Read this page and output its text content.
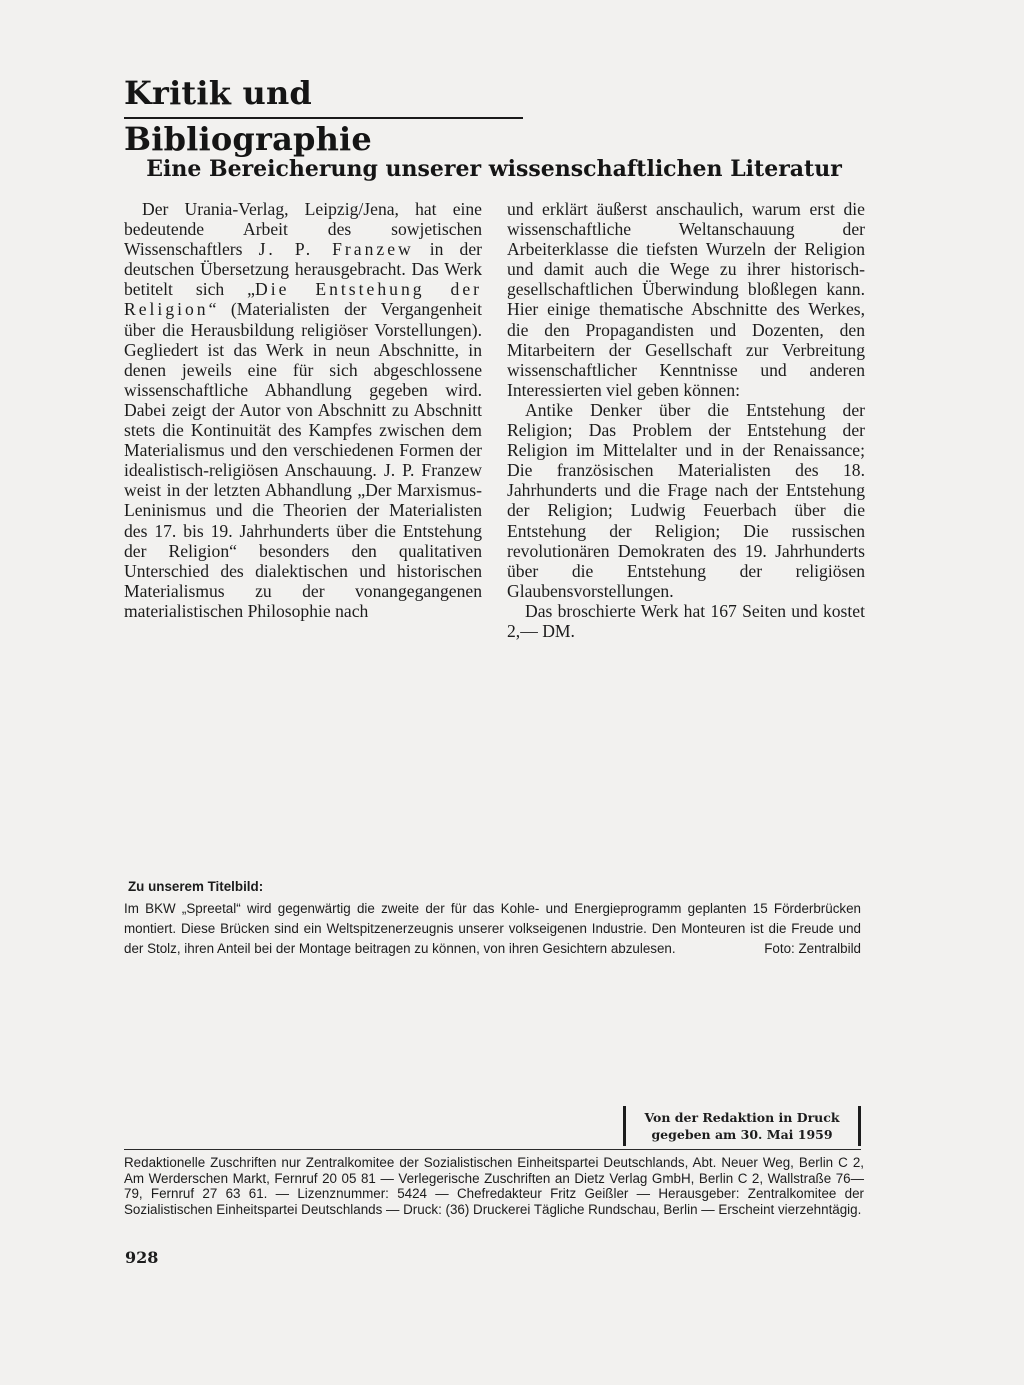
Kritik und Bibliographie
Eine Bereicherung unserer wissenschaftlichen Literatur

Der Urania-Verlag, Leipzig/Jena, hat eine bedeutende Arbeit des sowjetischen Wissenschaftlers J. P. Franzew in der deutschen Übersetzung herausgebracht. Das Werk betitelt sich „Die Entstehung der Religion“ (Materialisten der Vergangenheit über die Herausbildung religiöser Vorstellungen). Gegliedert ist das Werk in neun Abschnitte, in denen jeweils eine für sich abgeschlossene wissenschaftliche Abhandlung gegeben wird. Dabei zeigt der Autor von Abschnitt zu Abschnitt stets die Kontinuität des Kampfes zwischen dem Materialismus und den verschiedenen Formen der idealistisch-religiösen Anschauung. J. P. Franzew weist in der letzten Abhandlung „Der Marxismus-Leninismus und die Theorien der Materialisten des 17. bis 19. Jahrhunderts über die Entstehung der Religion“ besonders den qualitativen Unterschied des dialektischen und historischen Materialismus zu der vonangegangenen materialistischen Philosophie nach

und erklärt äußerst anschaulich, warum erst die wissenschaftliche Weltanschauung der Arbeiterklasse die tiefsten Wurzeln der Religion und damit auch die Wege zu ihrer historisch-gesellschaftlichen Überwindung bloßlegen kann. Hier einige thematische Abschnitte des Werkes, die den Propagandisten und Dozenten, den Mitarbeitern der Gesellschaft zur Verbreitung wissenschaftlicher Kenntnisse und anderen Interessierten viel geben können:

Antike Denker über die Entstehung der Religion; Das Problem der Entstehung der Religion im Mittelalter und in der Renaissance; Die französischen Materialisten des 18. Jahrhunderts und die Frage nach der Entstehung der Religion; Ludwig Feuerbach über die Entstehung der Religion; Die russischen revolutionären Demokraten des 19. Jahrhunderts über die Entstehung der religiösen Glaubensvorstellungen.

Das broschierte Werk hat 167 Seiten und kostet 2,— DM.

Zu unserem Titelbild:
Im BKW „Spreetal“ wird gegenwärtig die zweite der für das Kohle- und Energieprogramm geplanten 15 Förderbrücken montiert. Diese Brücken sind ein Weltspitzenerzeugnis unserer volkseigenen Industrie. Den Monteuren ist die Freude und der Stolz, ihren Anteil bei der Montage beitragen zu können, von ihren Gesichtern abzulesen.	Foto: Zentralbild
Von der Redaktion in Druck
gegeben am 30. Mai 1959
Redaktionelle Zuschriften nur Zentralkomitee der Sozialistischen Einheitspartei Deutschlands, Abt. Neuer Weg, Berlin C 2, Am Werderschen Markt, Fernruf 20 05 81 — Verlegerische Zuschriften an Dietz Verlag GmbH, Berlin C 2, Wallstraße 76—79, Fernruf 27 63 61. — Lizenznummer: 5424 — Chefredakteur Fritz Geißler — Herausgeber: Zentralkomitee der Sozialistischen Einheitspartei Deutschlands — Druck: (36) Druckerei Tägliche Rundschau, Berlin — Erscheint vierzehntägig.
928
